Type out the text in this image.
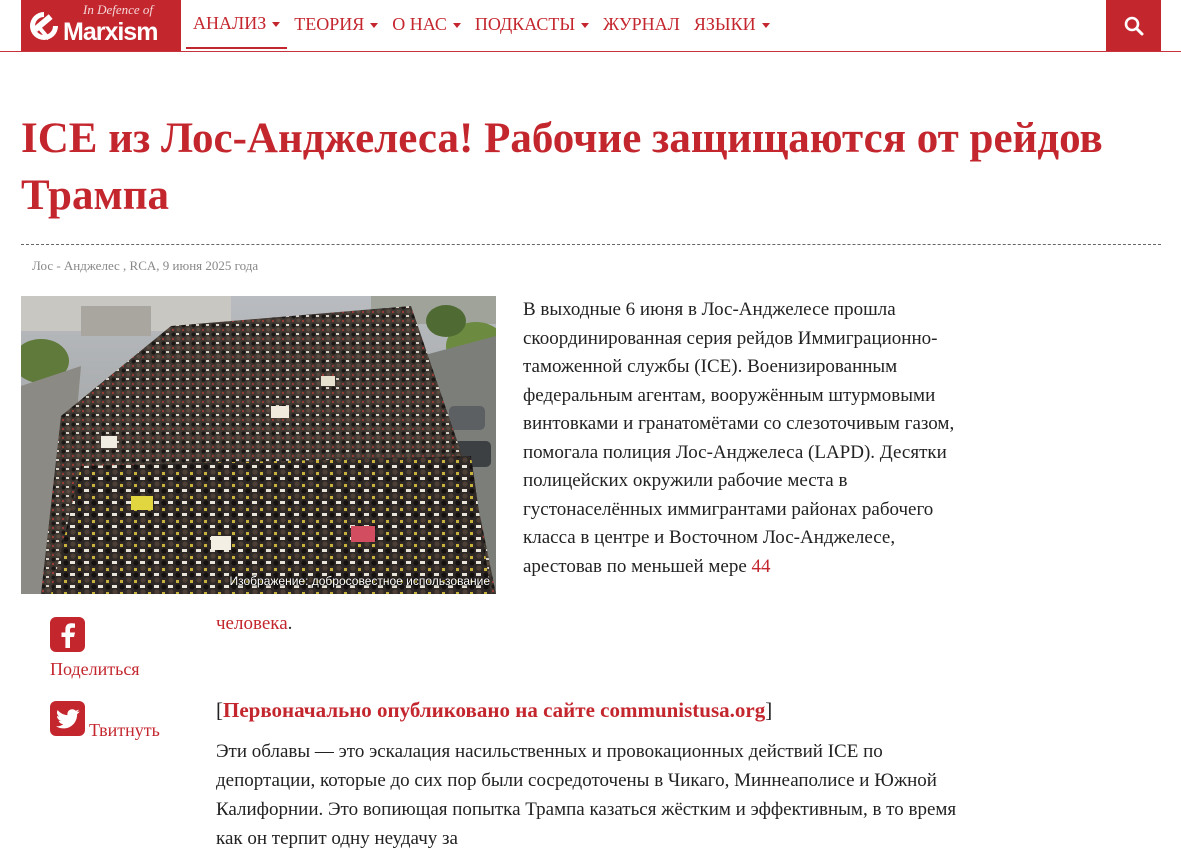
In Defence of
Marxism АНАЛИЗ ТЕОРИЯ О НАС ПОДКАСТЫ ЖУРНАЛ ЯЗЫКИ
ICE из Лос-Анджелеса! Рабочие защищаются от рейдов Трампа
Лос - Анджелес , RCA, 9 июня 2025 года
Изображение: добросовестное использование

В выходные 6 июня в Лос-Анджелесе прошла скоординированная серия рейдов Иммиграционно-таможенной службы (ICE). Военизированным федеральным агентам, вооружённым штурмовыми винтовками и гранатомётами со слезоточивым газом, помогала полиция Лос-Анджелеса (LAPD). Десятки полицейских окружили рабочие места в густонаселённых иммигрантами районах рабочего класса в центре и Восточном Лос-Анджелесе, арестовав по меньшей мере 44

человека.

Поделиться
Твитнуть

[Первоначально опубликовано на сайте communistusa.org]

Эти облавы — это эскалация насильственных и провокационных действий ICE по депортации, которые до сих пор были сосредоточены в Чикаго, Миннеаполисе и Южной Калифорнии. Это вопиющая попытка Трампа казаться жёстким и эффективным, в то время как он терпит одну неудачу за
